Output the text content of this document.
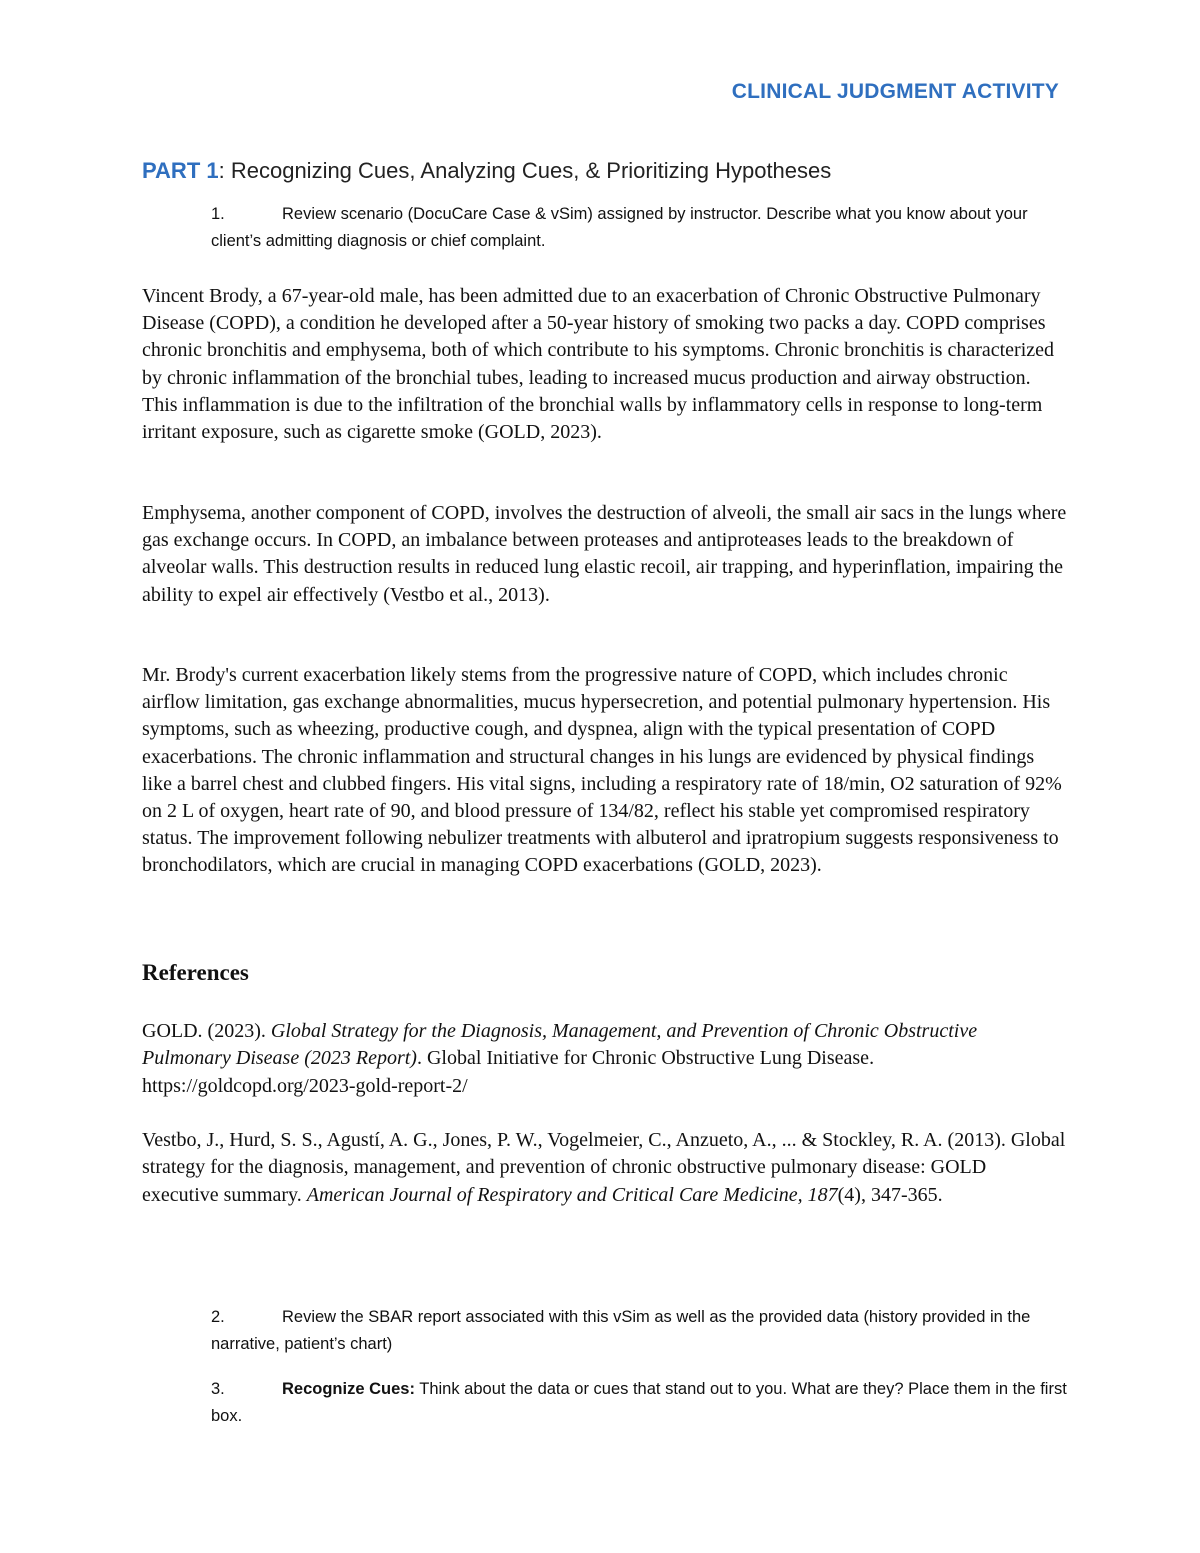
CLINICAL JUDGMENT ACTIVITY
PART 1: Recognizing Cues, Analyzing Cues, & Prioritizing Hypotheses
1.	Review scenario (DocuCare Case & vSim) assigned by instructor. Describe what you know about your client’s admitting diagnosis or chief complaint.

Vincent Brody, a 67-year-old male, has been admitted due to an exacerbation of Chronic Obstructive Pulmonary Disease (COPD), a condition he developed after a 50-year history of smoking two packs a day. COPD comprises chronic bronchitis and emphysema, both of which contribute to his symptoms. Chronic bronchitis is characterized by chronic inflammation of the bronchial tubes, leading to increased mucus production and airway obstruction. This inflammation is due to the infiltration of the bronchial walls by inflammatory cells in response to long-term irritant exposure, such as cigarette smoke (GOLD, 2023).

Emphysema, another component of COPD, involves the destruction of alveoli, the small air sacs in the lungs where gas exchange occurs. In COPD, an imbalance between proteases and antiproteases leads to the breakdown of alveolar walls. This destruction results in reduced lung elastic recoil, air trapping, and hyperinflation, impairing the ability to expel air effectively (Vestbo et al., 2013).

Mr. Brody's current exacerbation likely stems from the progressive nature of COPD, which includes chronic airflow limitation, gas exchange abnormalities, mucus hypersecretion, and potential pulmonary hypertension. His symptoms, such as wheezing, productive cough, and dyspnea, align with the typical presentation of COPD exacerbations. The chronic inflammation and structural changes in his lungs are evidenced by physical findings like a barrel chest and clubbed fingers. His vital signs, including a respiratory rate of 18/min, O2 saturation of 92% on 2 L of oxygen, heart rate of 90, and blood pressure of 134/82, reflect his stable yet compromised respiratory status. The improvement following nebulizer treatments with albuterol and ipratropium suggests responsiveness to bronchodilators, which are crucial in managing COPD exacerbations (GOLD, 2023).

References

GOLD. (2023). Global Strategy for the Diagnosis, Management, and Prevention of Chronic Obstructive Pulmonary Disease (2023 Report). Global Initiative for Chronic Obstructive Lung Disease. https://goldcopd.org/2023-gold-report-2/

Vestbo, J., Hurd, S. S., Agustí, A. G., Jones, P. W., Vogelmeier, C., Anzueto, A., ... & Stockley, R. A. (2013). Global strategy for the diagnosis, management, and prevention of chronic obstructive pulmonary disease: GOLD executive summary. American Journal of Respiratory and Critical Care Medicine, 187(4), 347-365.

2.	Review the SBAR report associated with this vSim as well as the provided data (history provided in the narrative, patient’s chart)
3.	Recognize Cues: Think about the data or cues that stand out to you. What are they? Place them in the first box.
